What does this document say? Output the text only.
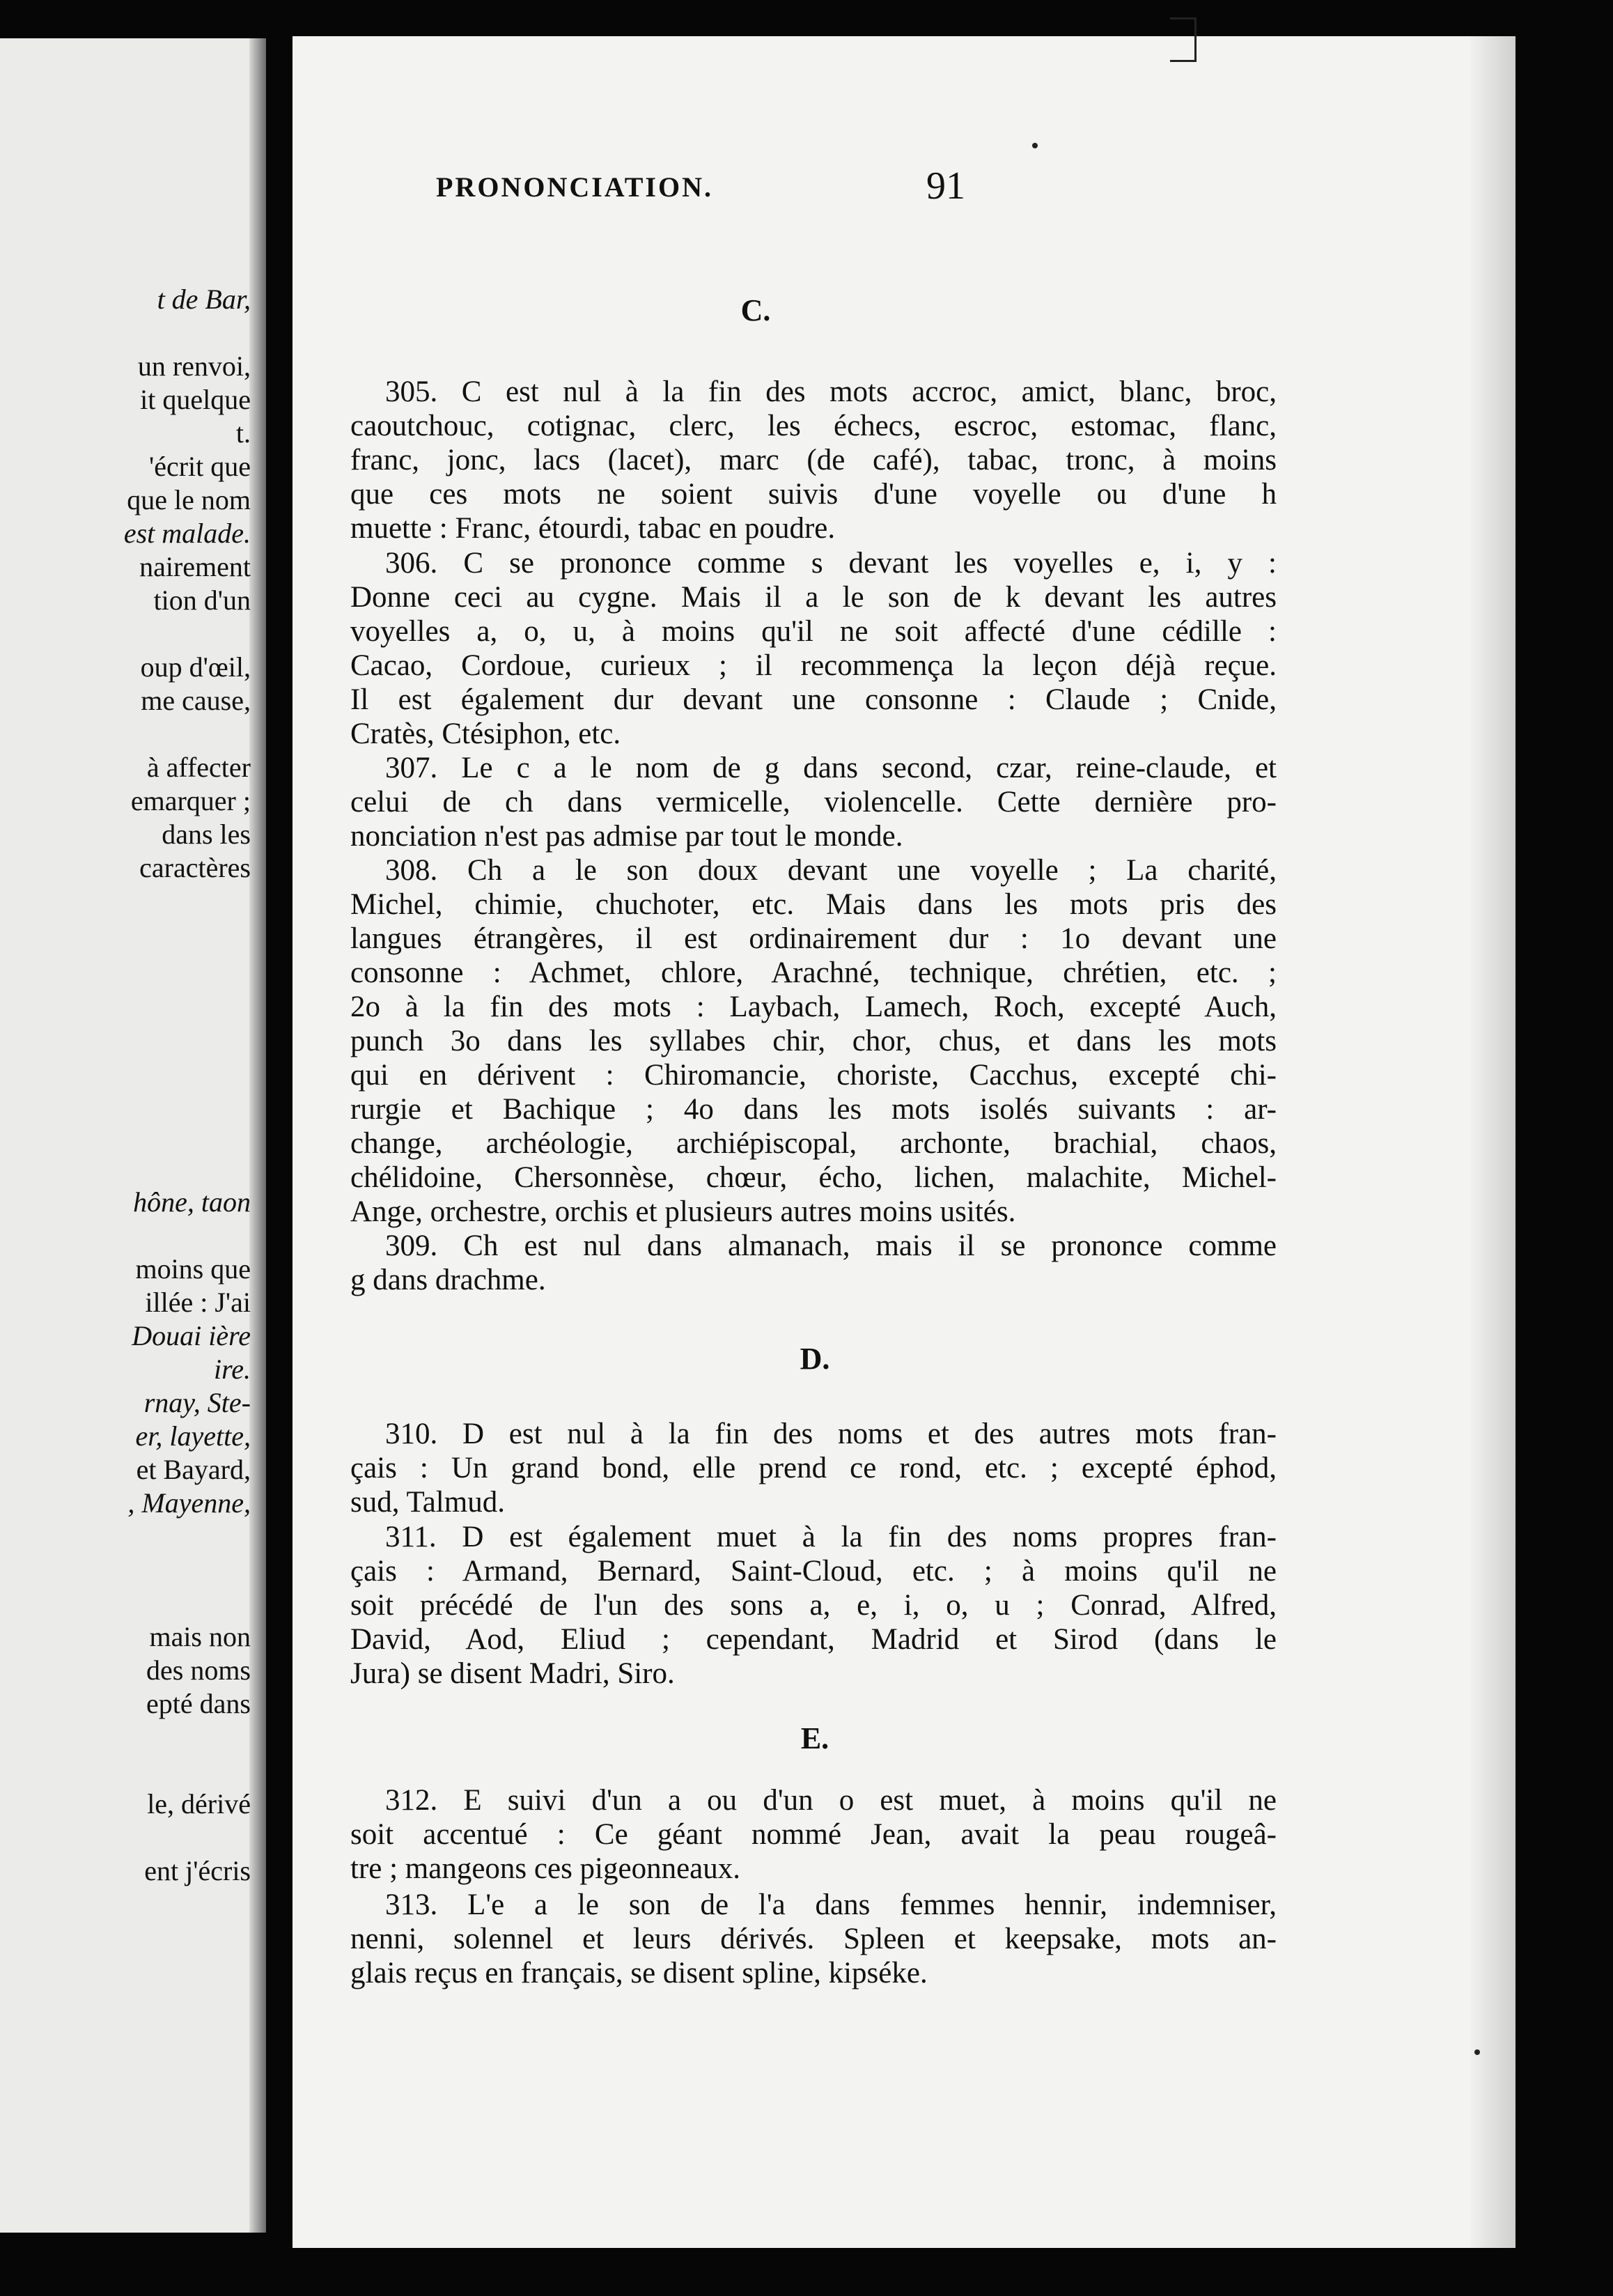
t de Bar,
un renvoi,
it quelque
t.
'écrit que
que le nom
est malade.
nairement
tion d'un
oup d'œil,
me cause,
à affecter
emarquer ;
dans les
caractères
hône, taon
moins que
illée : J'ai
Douai ière
ire.
rnay, Ste-
er, layette,
et Bayard,
, Mayenne,
mais non
des noms
epté dans
le, dérivé
ent j'écris
PRONONCIATION.	91
C.
D.
E.
305. C est nul à la fin des mots accroc, amict, blanc, broc,
caoutchouc, cotignac, clerc, les échecs, escroc, estomac, flanc,
franc, jonc, lacs (lacet), marc (de café), tabac, tronc, à moins
que ces mots ne soient suivis d'une voyelle ou d'une h
muette : Franc, étourdi, tabac en poudre.
306. C se prononce comme s devant les voyelles e, i, y :
Donne ceci au cygne. Mais il a le son de k devant les autres
voyelles a, o, u, à moins qu'il ne soit affecté d'une cédille :
Cacao, Cordoue, curieux ; il recommença la leçon déjà reçue.
Il est également dur devant une consonne : Claude ; Cnide,
Cratès, Ctésiphon, etc.
307. Le c a le nom de g dans second, czar, reine-claude, et
celui de ch dans vermicelle, violencelle. Cette dernière pro-
nonciation n'est pas admise par tout le monde.
308. Ch a le son doux devant une voyelle ; La charité,
Michel, chimie, chuchoter, etc. Mais dans les mots pris des
langues étrangères, il est ordinairement dur : 1o devant une
consonne : Achmet, chlore, Arachné, technique, chrétien, etc. ;
2o à la fin des mots : Laybach, Lamech, Roch, excepté Auch,
punch 3o dans les syllabes chir, chor, chus, et dans les mots
qui en dérivent : Chiromancie, choriste, Cacchus, excepté chi-
rurgie et Bachique ; 4o dans les mots isolés suivants : ar-
change, archéologie, archiépiscopal, archonte, brachial, chaos,
chélidoine, Chersonnèse, chœur, écho, lichen, malachite, Michel-
Ange, orchestre, orchis et plusieurs autres moins usités.
309. Ch est nul dans almanach, mais il se prononce comme
g dans drachme.
310. D est nul à la fin des noms et des autres mots fran-
çais : Un grand bond, elle prend ce rond, etc. ; excepté éphod,
sud, Talmud.
311. D est également muet à la fin des noms propres fran-
çais : Armand, Bernard, Saint-Cloud, etc. ; à moins qu'il ne
soit précédé de l'un des sons a, e, i, o, u ; Conrad, Alfred,
David, Aod, Eliud ; cependant, Madrid et Sirod (dans le
Jura) se disent Madri, Siro.
312. E suivi d'un a ou d'un o est muet, à moins qu'il ne
soit accentué : Ce géant nommé Jean, avait la peau rougeâ-
tre ; mangeons ces pigeonneaux.
313. L'e a le son de l'a dans femmes hennir, indemniser,
nenni, solennel et leurs dérivés. Spleen et keepsake, mots an-
glais reçus en français, se disent spline, kipséke.
